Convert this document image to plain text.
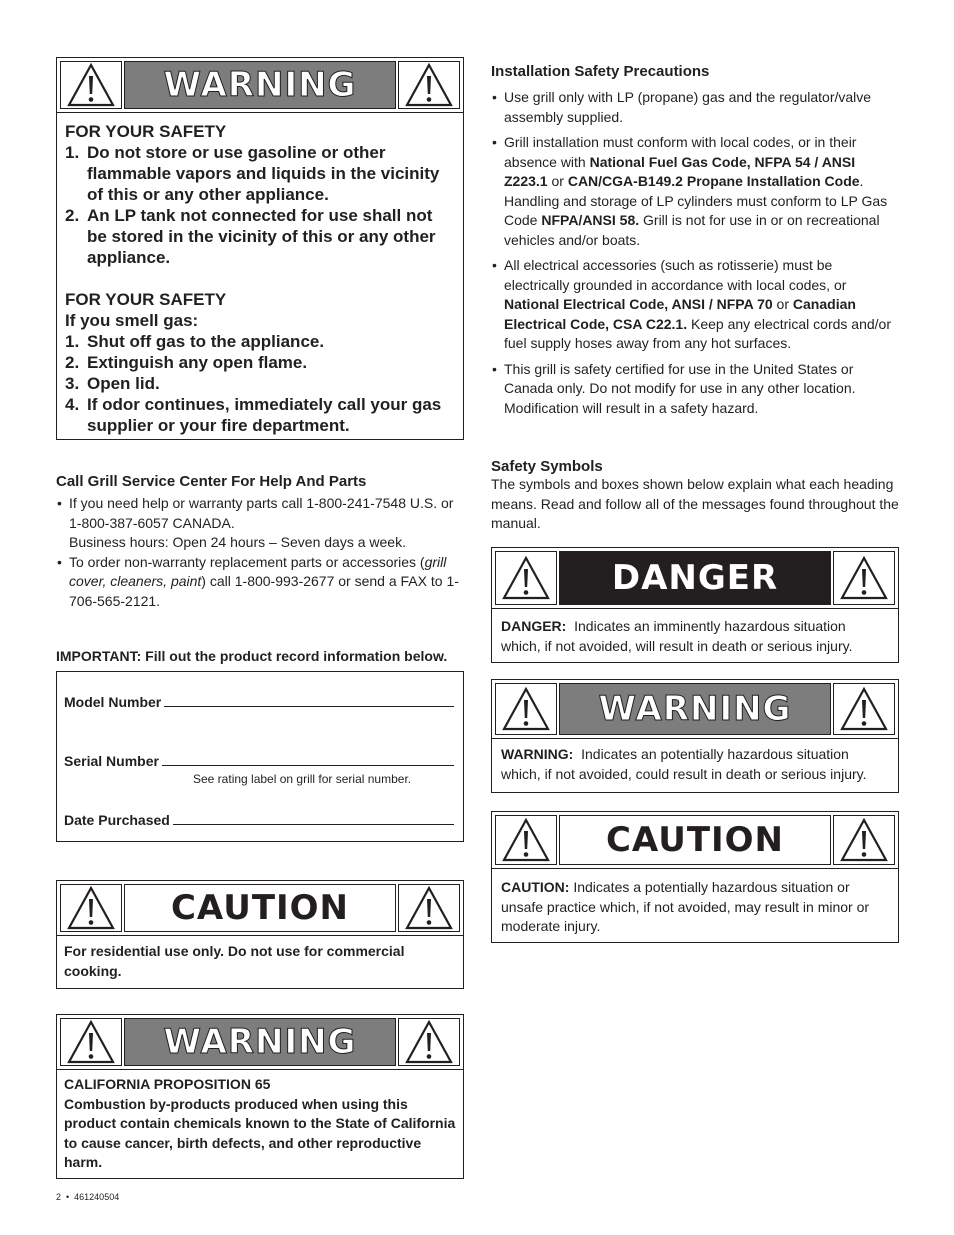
WARNING
FOR YOUR SAFETY
1. Do not store or use gasoline or other flammable vapors and liquids in the vicinity of this or any other appliance.
2. An LP tank not connected for use shall not be stored in the vicinity of this or any other appliance.
FOR YOUR SAFETY
If you smell gas:
1. Shut off gas to the appliance.
2. Extinguish any open flame.
3. Open lid.
4. If odor continues, immediately call your gas supplier or your fire department.
Call Grill Service Center For Help And Parts
• If you need help or warranty parts call 1-800-241-7548 U.S. or
1-800-387-6057 CANADA.
Business hours: Open 24 hours – Seven days a week.
• To order non-warranty replacement parts or accessories (grill cover, cleaners, paint) call 1-800-993-2677 or send a FAX to 1-706-565-2121.
IMPORTANT: Fill out the product record information below.
Model Number
Serial Number
See rating label on grill for serial number.
Date Purchased
CAUTION
For residential use only. Do not use for commercial cooking.
WARNING
CALIFORNIA PROPOSITION 65
Combustion by-products produced when using this product contain chemicals known to the State of California to cause cancer, birth defects, and other reproductive harm.
2  •  461240504
Installation Safety Precautions
• Use grill only with LP (propane) gas and the regulator/valve assembly supplied.
• Grill installation must conform with local codes, or in their absence with National Fuel Gas Code, NFPA 54 / ANSI Z223.1 or CAN/CGA-B149.2 Propane Installation Code. Handling and storage of LP cylinders must conform to LP Gas Code NFPA/ANSI 58. Grill is not for use in or on recreational vehicles and/or boats.
• All electrical accessories (such as rotisserie) must be electrically grounded in accordance with local codes, or National Electrical Code, ANSI / NFPA 70 or Canadian Electrical Code, CSA C22.1. Keep any electrical cords and/or fuel supply hoses away from any hot surfaces.
• This grill is safety certified for use in the United States or Canada only. Do not modify for use in any other location. Modification will result in a safety hazard.
Safety Symbols
The symbols and boxes shown below explain what each heading means. Read and follow all of the messages found throughout the manual.
DANGER
DANGER:  Indicates an imminently hazardous situation which, if not avoided, will result in death or serious injury.
WARNING
WARNING:  Indicates an potentially hazardous situation which, if not avoided, could result in death or serious injury.
CAUTION
CAUTION: Indicates a potentially hazardous situation or unsafe practice which, if not avoided, may result in minor or moderate injury.
